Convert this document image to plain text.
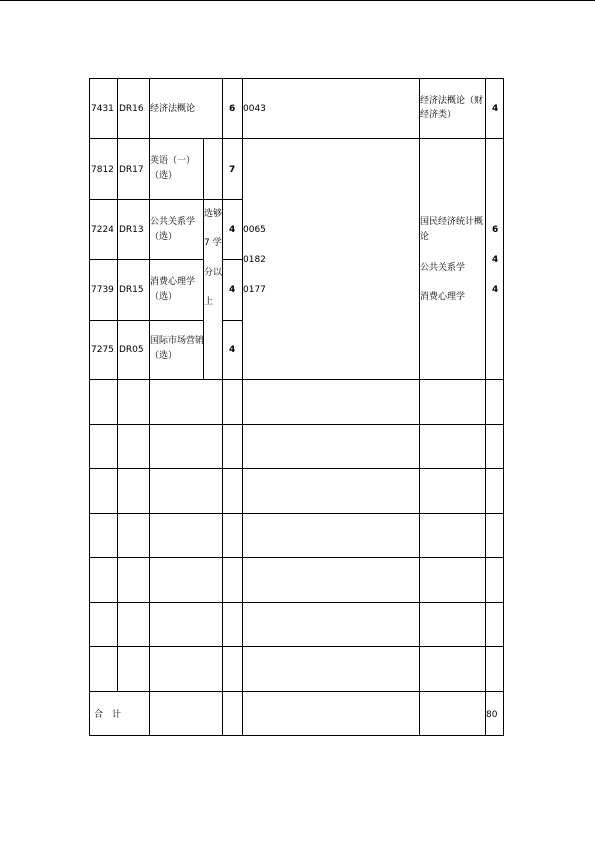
7431 DR16 经济法概论	6 0043
经济法概论（财
经济类）
4
7812 DR17
英语（一）
（选）
7
7224 DR13
公共关系学
（选）
4
7739 DR15
消费心理学
（选）
4
7275 DR05
国际市场营销
（选）
4
选够
7 学
分以
上
0065
0182
0177
国民经济统计概
论
公共关系学
消费心理学
6
4
4
合　计	80
